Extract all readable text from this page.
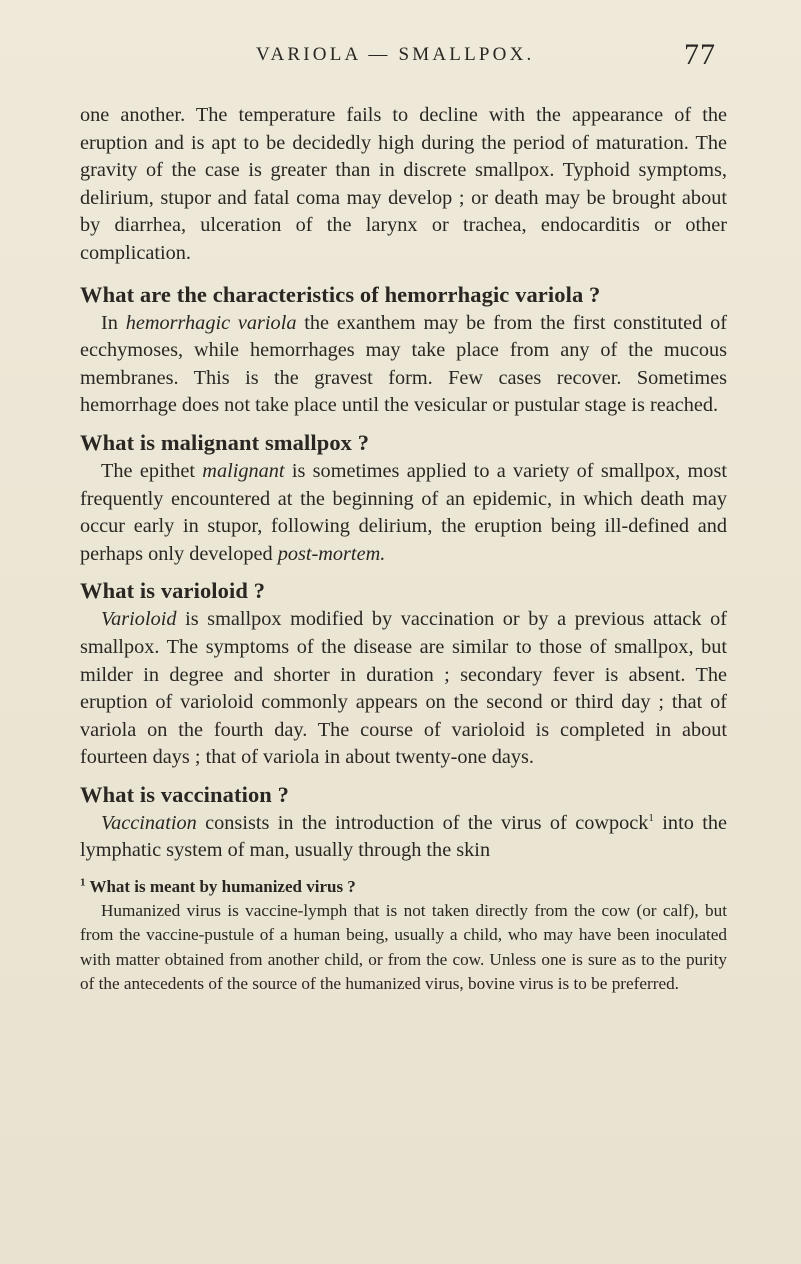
VARIOLA — SMALLPOX.	77

one another. The temperature fails to decline with the appearance of the eruption and is apt to be decidedly high during the period of maturation. The gravity of the case is greater than in discrete smallpox. Typhoid symptoms, delirium, stupor and fatal coma may develop ; or death may be brought about by diarrhea, ulceration of the larynx or trachea, endocarditis or other complication.

What are the characteristics of hemorrhagic variola ?

In hemorrhagic variola the exanthem may be from the first constituted of ecchymoses, while hemorrhages may take place from any of the mucous membranes. This is the gravest form. Few cases recover. Sometimes hemorrhage does not take place until the vesicular or pustular stage is reached.

What is malignant smallpox ?

The epithet malignant is sometimes applied to a variety of smallpox, most frequently encountered at the beginning of an epidemic, in which death may occur early in stupor, following delirium, the eruption being ill-defined and perhaps only developed post-mortem.

What is varioloid ?

Varioloid is smallpox modified by vaccination or by a previous attack of smallpox. The symptoms of the disease are similar to those of smallpox, but milder in degree and shorter in duration ; secondary fever is absent. The eruption of varioloid commonly appears on the second or third day ; that of variola on the fourth day. The course of varioloid is completed in about fourteen days ; that of variola in about twenty-one days.

What is vaccination ?

Vaccination consists in the introduction of the virus of cowpock$^1$ into the lymphatic system of man, usually through the skin

$^1$ What is meant by humanized virus ?

Humanized virus is vaccine-lymph that is not taken directly from the cow (or calf), but from the vaccine-pustule of a human being, usually a child, who may have been inoculated with matter obtained from another child, or from the cow. Unless one is sure as to the purity of the antecedents of the source of the humanized virus, bovine virus is to be preferred.
